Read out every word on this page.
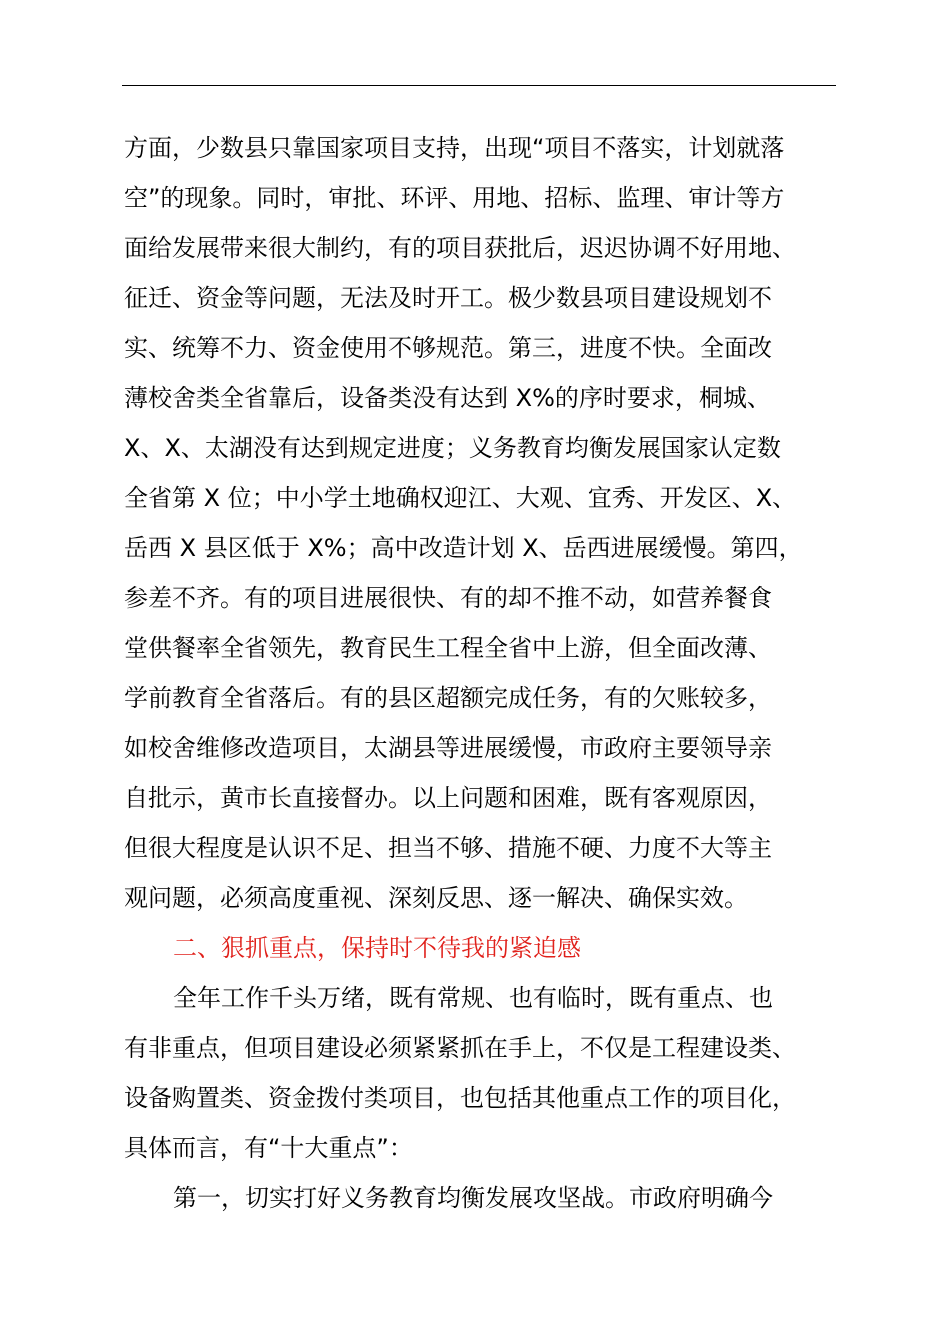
方面，少数县只靠国家项目支持，出现“项目不落实，计划就落
空”的现象。同时，审批、环评、用地、招标、监理、审计等方
面给发展带来很大制约，有的项目获批后，迟迟协调不好用地、
征迁、资金等问题，无法及时开工。极少数县项目建设规划不
实、统筹不力、资金使用不够规范。第三，进度不快。全面改
薄校舍类全省靠后，设备类没有达到 X%的序时要求，桐城、
X、X、太湖没有达到规定进度；义务教育均衡发展国家认定数
全省第 X 位；中小学土地确权迎江、大观、宜秀、开发区、X、
岳西 X 县区低于 X%；高中改造计划 X、岳西进展缓慢。第四，
参差不齐。有的项目进展很快、有的却不推不动，如营养餐食
堂供餐率全省领先，教育民生工程全省中上游，但全面改薄、
学前教育全省落后。有的县区超额完成任务，有的欠账较多，
如校舍维修改造项目，太湖县等进展缓慢，市政府主要领导亲
自批示，黄市长直接督办。以上问题和困难，既有客观原因，
但很大程度是认识不足、担当不够、措施不硬、力度不大等主
观问题，必须高度重视、深刻反思、逐一解决、确保实效。
二、狠抓重点，保持时不待我的紧迫感
全年工作千头万绪，既有常规、也有临时，既有重点、也
有非重点，但项目建设必须紧紧抓在手上，不仅是工程建设类、
设备购置类、资金拨付类项目，也包括其他重点工作的项目化，
具体而言，有“十大重点”：
第一，切实打好义务教育均衡发展攻坚战。市政府明确今
